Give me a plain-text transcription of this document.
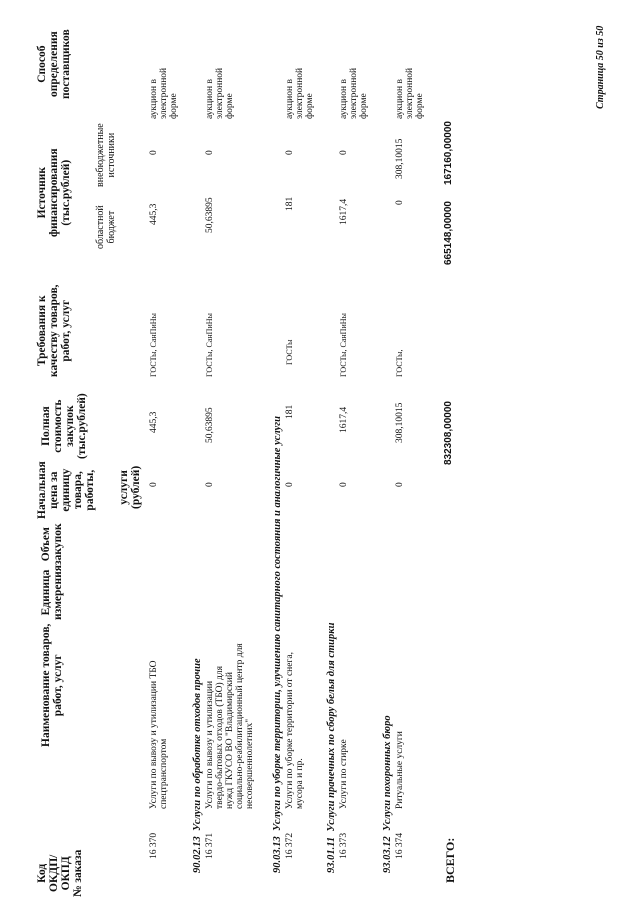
Код ОКДП/ ОКПД № заказа
Наименование товаров, работ, услуг
Единица измерения
Объем закупок
Начальная цена за единицу товара, работы, услуги (рублей)
Полная стоимость закупок (тыс.рублей)
Требования к качеству товаров, работ, услуг
Источник финансирования (тыс.рублей)
областной бюджет
внебюджетные источники
Способ определения поставщиков
16 370
Услуги по вывозу и утилизации ТБО спецтранспортом
0
445,3
ГОСТы, СанПиНы
445,3
0
аукцион в электронной форме
90.02.13  Услуги по обработке отходов прочие
16 371
Услуги по вывозу и утилизации твердо-бытовых отходов (ТБО) для нужд ГКУСО ВО "Владимирский социально-реабилитационный центр для несовершеннолетних"
0
50,63895
ГОСТы, СанПиНы
50,63895
0
аукцион в электронной форме
90.03.13  Услуги по уборке территории, улучшению санитарного состояния и аналогичные услуги
16 372
Услуги по уборке территории от снега, мусора и пр.
0
181
ГОСТы
181
0
аукцион в электронной форме
93.01.11  Услуги прачечных по сбору белья для стирки
16 373
Услуги по стирке
0
1617,4
ГОСТы, СанПиНы
1617,4
0
аукцион в электронной форме
93.03.12  Услуги похоронных бюро
16 374
Ритуальные услуги
0
308,10015
ГОСТы,
0
308,10015
аукцион в электронной форме
ВСЕГО:
832308,00000
665148,00000
167160,00000
Страница 50 из 50
